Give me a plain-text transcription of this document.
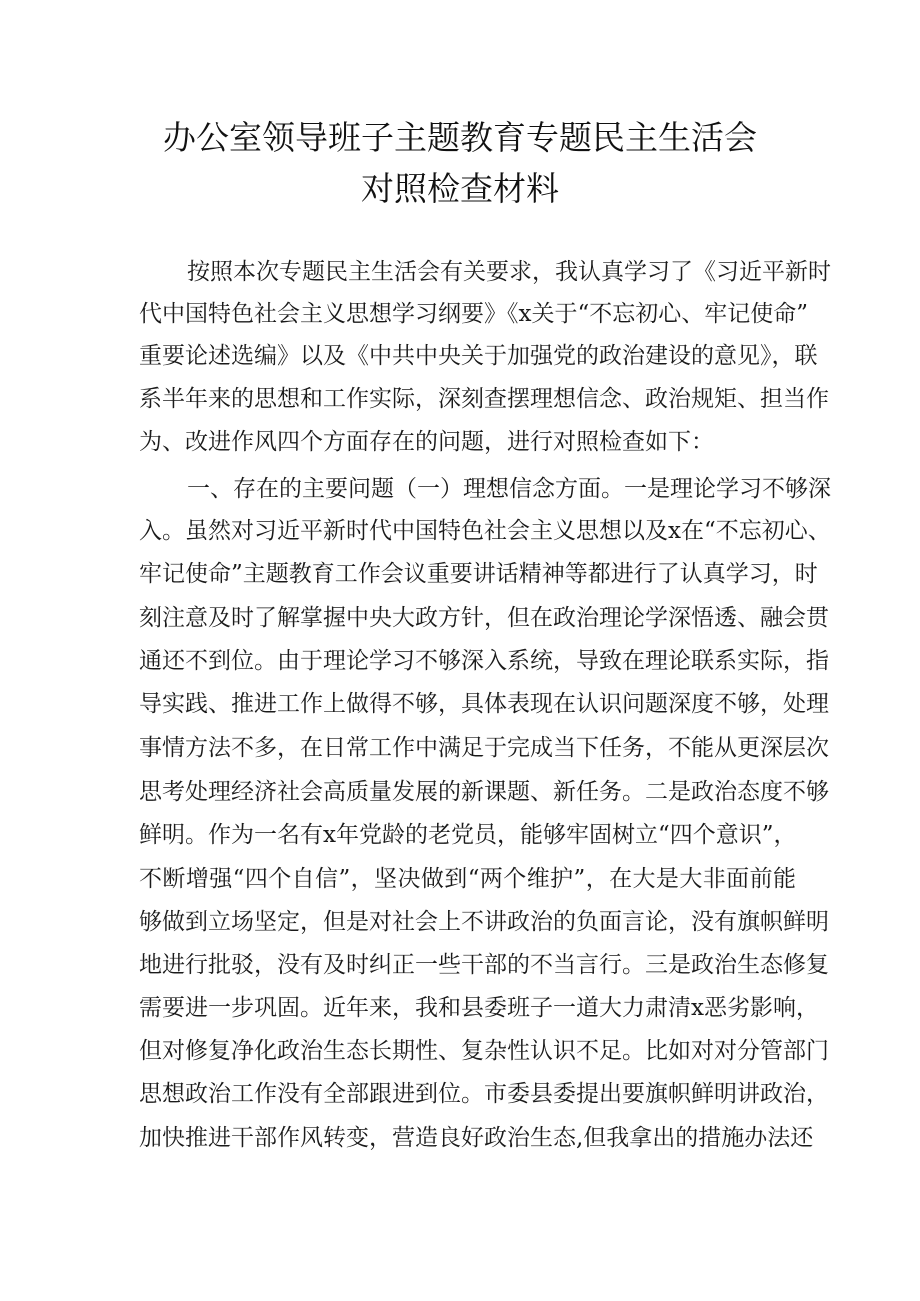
办公室领导班子主题教育专题民主生活会
对照检查材料
按照本次专题民主生活会有关要求，我认真学习了《习近平新时
代中国特色社会主义思想学习纲要》《x关于“不忘初心、牢记使命”
重要论述选编》以及《中共中央关于加强党的政治建设的意见》，联
系半年来的思想和工作实际，深刻查摆理想信念、政治规矩、担当作
为、改进作风四个方面存在的问题，进行对照检查如下：
一、存在的主要问题（一）理想信念方面。一是理论学习不够深
入。虽然对习近平新时代中国特色社会主义思想以及x在“不忘初心、
牢记使命”主题教育工作会议重要讲话精神等都进行了认真学习，时
刻注意及时了解掌握中央大政方针，但在政治理论学深悟透、融会贯
通还不到位。由于理论学习不够深入系统，导致在理论联系实际，指
导实践、推进工作上做得不够，具体表现在认识问题深度不够，处理
事情方法不多，在日常工作中满足于完成当下任务，不能从更深层次
思考处理经济社会高质量发展的新课题、新任务。二是政治态度不够
鲜明。作为一名有x年党龄的老党员，能够牢固树立“四个意识”，
不断增强“四个自信”，坚决做到“两个维护”，在大是大非面前能
够做到立场坚定，但是对社会上不讲政治的负面言论，没有旗帜鲜明
地进行批驳，没有及时纠正一些干部的不当言行。三是政治生态修复
需要进一步巩固。近年来，我和县委班子一道大力肃清x恶劣影响，
但对修复净化政治生态长期性、复杂性认识不足。比如对对分管部门
思想政治工作没有全部跟进到位。市委县委提出要旗帜鲜明讲政治，
加快推进干部作风转变，营造良好政治生态,但我拿出的措施办法还
